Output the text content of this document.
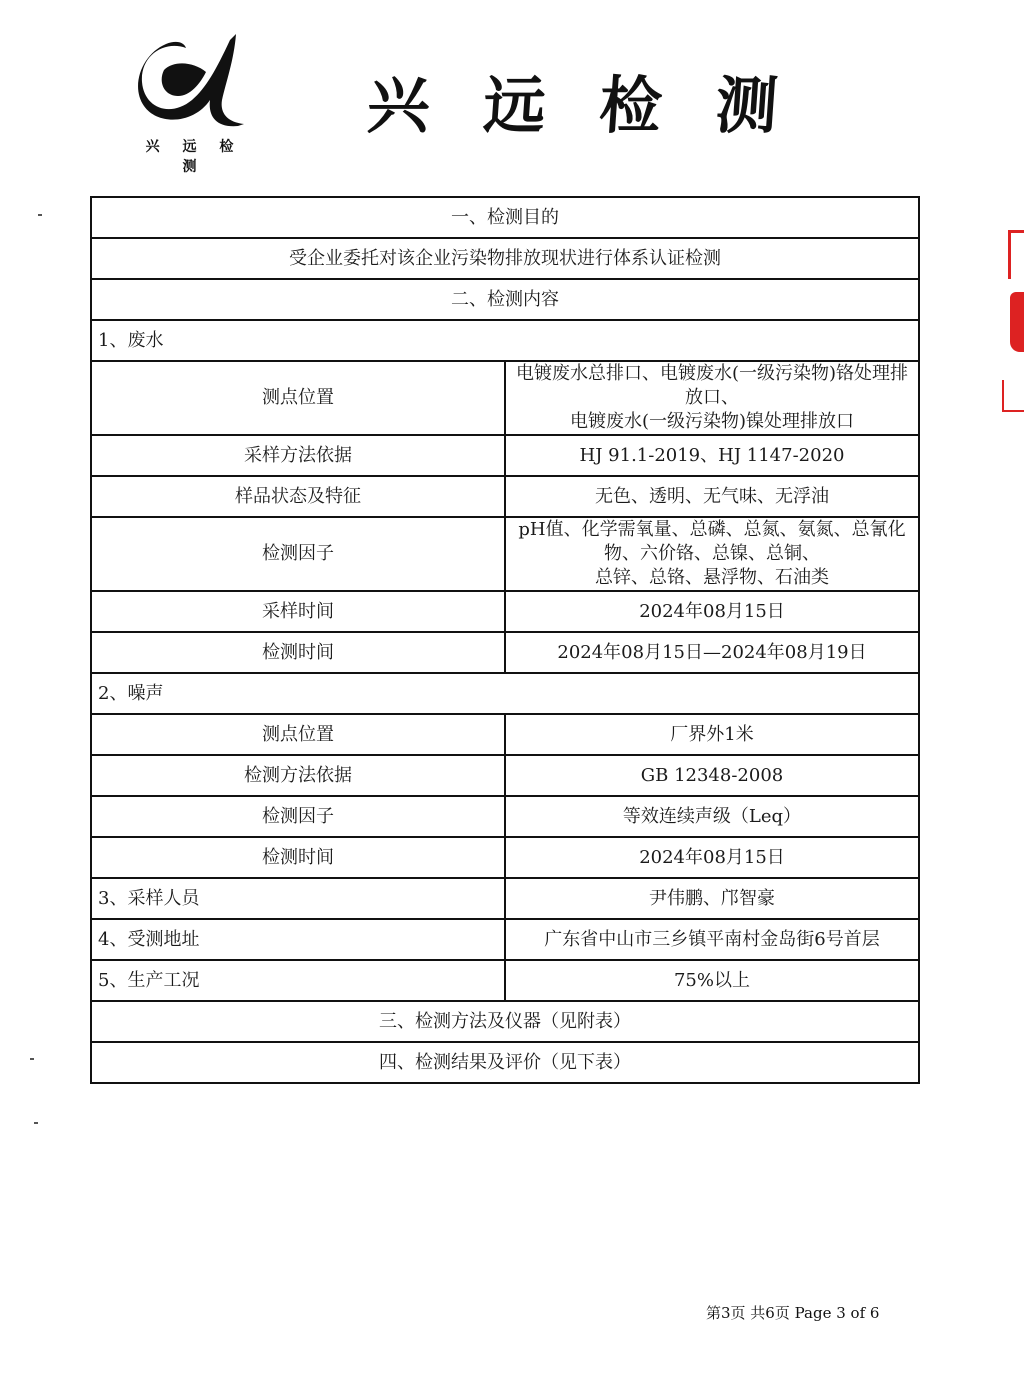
兴 远 检 测
兴远检测
一、检测目的	
受企业委托对该企业污染物排放现状进行体系认证检测	
二、检测内容	
1、废水	
测点位置	电镀废水总排口、电镀废水(一级污染物)铬处理排放口、
电镀废水(一级污染物)镍处理排放口

采样方法依据	HJ 91.1-2019、HJ 1147-2020
样品状态及特征	无色、透明、无气味、无浮油
检测因子	pH值、化学需氧量、总磷、总氮、氨氮、总氰化物、六价铬、总镍、总铜、
总锌、总铬、悬浮物、石油类

采样时间	2024年08月15日
检测时间	2024年08月15日—2024年08月19日
2、噪声	
测点位置	厂界外1米
检测方法依据	GB 12348-2008
检测因子	等效连续声级（Leq）
检测时间	2024年08月15日
3、采样人员	尹伟鹏、邝智豪
4、受测地址	广东省中山市三乡镇平南村金岛街6号首层
5、生产工况	75%以上
三、检测方法及仪器（见附表）	
四、检测结果及评价（见下表）	
第3页 共6页 Page 3 of 6
